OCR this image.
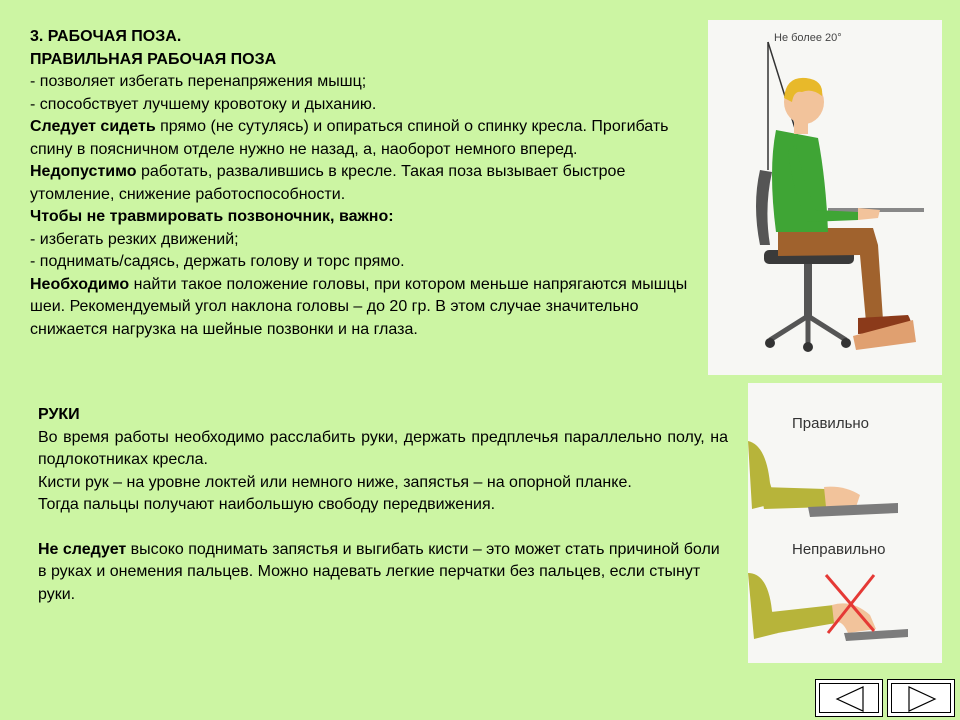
3. РАБОЧАЯ ПОЗА.

ПРАВИЛЬНАЯ РАБОЧАЯ ПОЗА

- позволяет избегать перенапряжения мышц;

- способствует лучшему кровотоку и дыханию.

Следует сидеть прямо (не сутулясь) и опираться спиной о спинку кресла. Прогибать спину в поясничном отделе нужно не назад, а, наоборот немного вперед.

Недопустимо работать, развалившись в кресле. Такая поза вызывает быстрое утомление, снижение работоспособности.

Чтобы не травмировать позвоночник, важно:

- избегать резких движений;

- поднимать/садясь, держать голову и торс прямо.

Необходимо найти такое положение головы, при котором меньше напрягаются мышцы шеи. Рекомендуемый угол наклона головы – до 20 гр. В этом случае значительно снижается нагрузка на шейные позвонки и на глаза.

РУКИ

Во время работы необходимо расслабить руки, держать предплечья параллельно полу, на подлокотниках кресла.

Кисти рук – на уровне локтей или немного ниже, запястья – на опорной планке.

Тогда пальцы получают наибольшую свободу передвижения.

Не следует высоко поднимать запястья и выгибать кисти – это может стать причиной боли в руках и онемения пальцев. Можно надевать легкие перчатки без пальцев, если стынут руки.

Не более 20°
Правильно
Неправильно
